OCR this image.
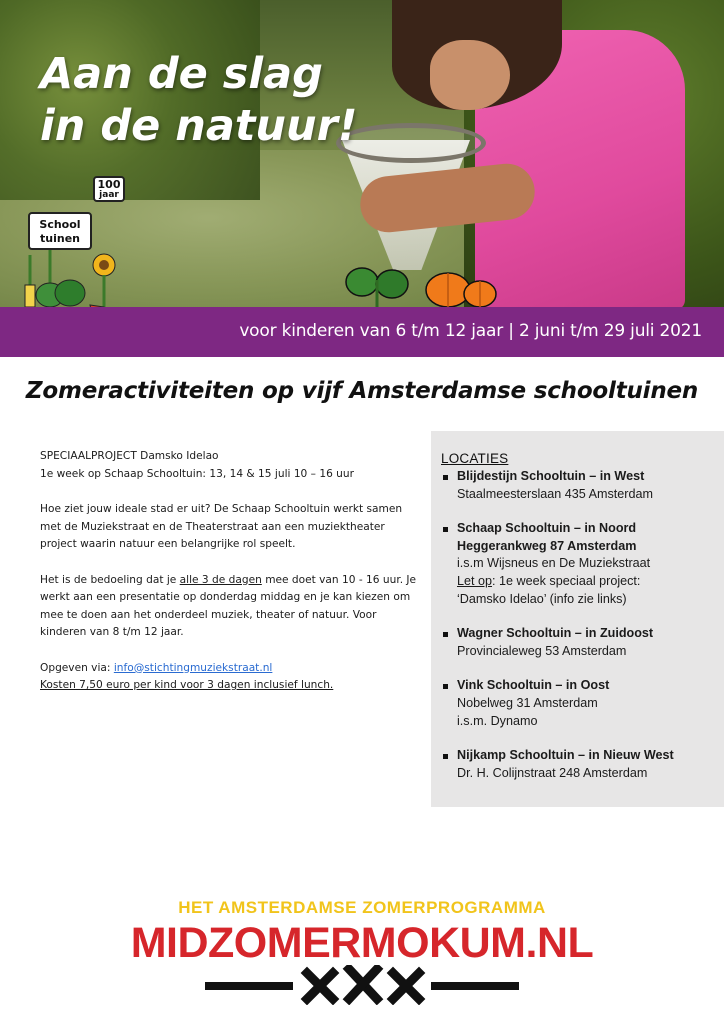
Aan de slag
in de natuur!
100
jaar
School
tuinen
voor kinderen van 6 t/m 12 jaar | 2 juni t/m 29 juli 2021
Zomeractiviteiten op vijf Amsterdamse schooltuinen

SPECIAALPROJECT Damsko Idelao

1e week op Schaap Schooltuin: 13, 14 & 15 juli 10 – 16 uur

Hoe ziet jouw ideale stad er uit? De Schaap Schooltuin werkt samen met de Muziekstraat en de Theaterstraat aan een muziektheater project waarin natuur een belangrijke rol speelt.

Het is de bedoeling dat je alle 3 de dagen mee doet van 10 - 16 uur. Je werkt aan een presentatie op donderdag middag en je kan kiezen om mee te doen aan het onderdeel muziek, theater of natuur. Voor kinderen van 8 t/m 12 jaar.

Opgeven via: info@stichtingmuziekstraat.nl

Kosten 7,50 euro per kind voor 3 dagen inclusief lunch.

LOCATIES
Blijdestijn Schooltuin – in West
Staalmeesterslaan 435 Amsterdam
Schaap Schooltuin – in Noord
Heggerankweg 87 Amsterdam
i.s.m Wijsneus en De Muziekstraat
Let op: 1e week speciaal project:
‘Damsko Idelao’ (info zie links)
Wagner Schooltuin – in Zuidoost
Provincialeweg 53 Amsterdam
Vink Schooltuin – in Oost
Nobelweg 31 Amsterdam
i.s.m. Dynamo
Nijkamp Schooltuin – in Nieuw West
Dr. H. Colijnstraat 248 Amsterdam
HET AMSTERDAMSE ZOMERPROGRAMMA
MIDZOMERMOKUM.NL
